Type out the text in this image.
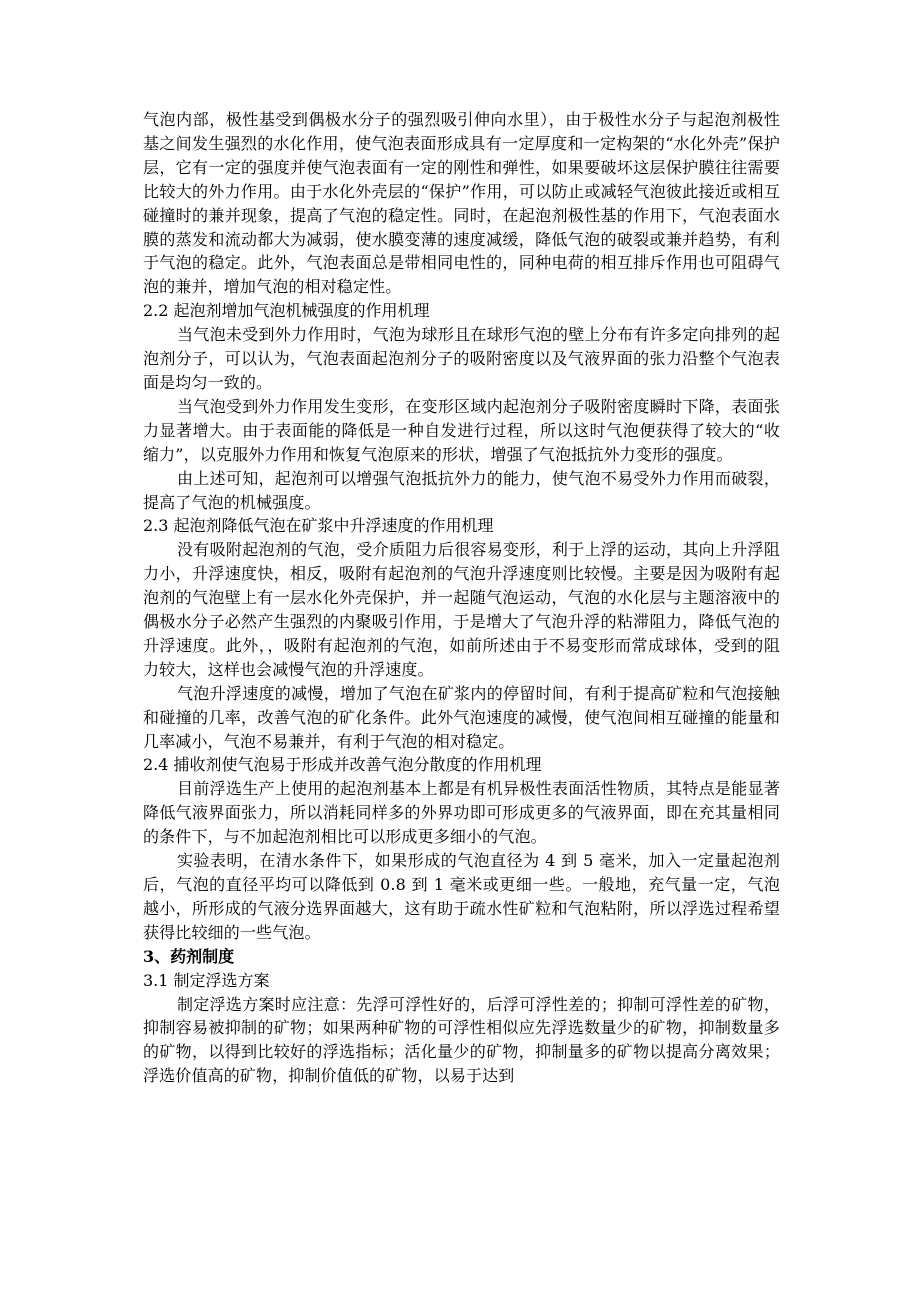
气泡内部，极性基受到偶极水分子的强烈吸引伸向水里），由于极性水分子与起泡剂极性基之间发生强烈的水化作用，使气泡表面形成具有一定厚度和一定构架的“水化外壳”保护层，它有一定的强度并使气泡表面有一定的刚性和弹性，如果要破坏这层保护膜往往需要比较大的外力作用。由于水化外壳层的“保护”作用，可以防止或减轻气泡彼此接近或相互碰撞时的兼并现象，提高了气泡的稳定性。同时，在起泡剂极性基的作用下，气泡表面水膜的蒸发和流动都大为减弱，使水膜变薄的速度减缓，降低气泡的破裂或兼并趋势，有利于气泡的稳定。此外，气泡表面总是带相同电性的，同种电荷的相互排斥作用也可阻碍气泡的兼并，增加气泡的相对稳定性。

2.2 起泡剂增加气泡机械强度的作用机理

当气泡未受到外力作用时，气泡为球形且在球形气泡的壁上分布有许多定向排列的起泡剂分子，可以认为，气泡表面起泡剂分子的吸附密度以及气液界面的张力沿整个气泡表面是均匀一致的。

当气泡受到外力作用发生变形，在变形区域内起泡剂分子吸附密度瞬时下降，表面张力显著增大。由于表面能的降低是一种自发进行过程，所以这时气泡便获得了较大的“收缩力”，以克服外力作用和恢复气泡原来的形状，增强了气泡抵抗外力变形的强度。

由上述可知，起泡剂可以增强气泡抵抗外力的能力，使气泡不易受外力作用而破裂，提高了气泡的机械强度。

2.3 起泡剂降低气泡在矿浆中升浮速度的作用机理

没有吸附起泡剂的气泡，受介质阻力后很容易变形，利于上浮的运动，其向上升浮阻力小，升浮速度快，相反，吸附有起泡剂的气泡升浮速度则比较慢。主要是因为吸附有起泡剂的气泡壁上有一层水化外壳保护，并一起随气泡运动，气泡的水化层与主题溶液中的偶极水分子必然产生强烈的内聚吸引作用，于是增大了气泡升浮的粘滞阻力，降低气泡的升浮速度。此外，，吸附有起泡剂的气泡，如前所述由于不易变形而常成球体，受到的阻力较大，这样也会减慢气泡的升浮速度。

气泡升浮速度的减慢，增加了气泡在矿浆内的停留时间，有利于提高矿粒和气泡接触和碰撞的几率，改善气泡的矿化条件。此外气泡速度的减慢，使气泡间相互碰撞的能量和几率减小，气泡不易兼并，有利于气泡的相对稳定。

2.4 捕收剂使气泡易于形成并改善气泡分散度的作用机理

目前浮选生产上使用的起泡剂基本上都是有机异极性表面活性物质，其特点是能显著降低气液界面张力，所以消耗同样多的外界功即可形成更多的气液界面，即在充其量相同的条件下，与不加起泡剂相比可以形成更多细小的气泡。

实验表明，在清水条件下，如果形成的气泡直径为 4 到 5 毫米，加入一定量起泡剂后，气泡的直径平均可以降低到 0.8 到 1 毫米或更细一些。一般地，充气量一定，气泡越小，所形成的气液分选界面越大，这有助于疏水性矿粒和气泡粘附，所以浮选过程希望获得比较细的一些气泡。

3、药剂制度

3.1 制定浮选方案

制定浮选方案时应注意：先浮可浮性好的，后浮可浮性差的；抑制可浮性差的矿物，抑制容易被抑制的矿物；如果两种矿物的可浮性相似应先浮选数量少的矿物，抑制数量多的矿物，以得到比较好的浮选指标；活化量少的矿物，抑制量多的矿物以提高分离效果；浮选价值高的矿物，抑制价值低的矿物，以易于达到
